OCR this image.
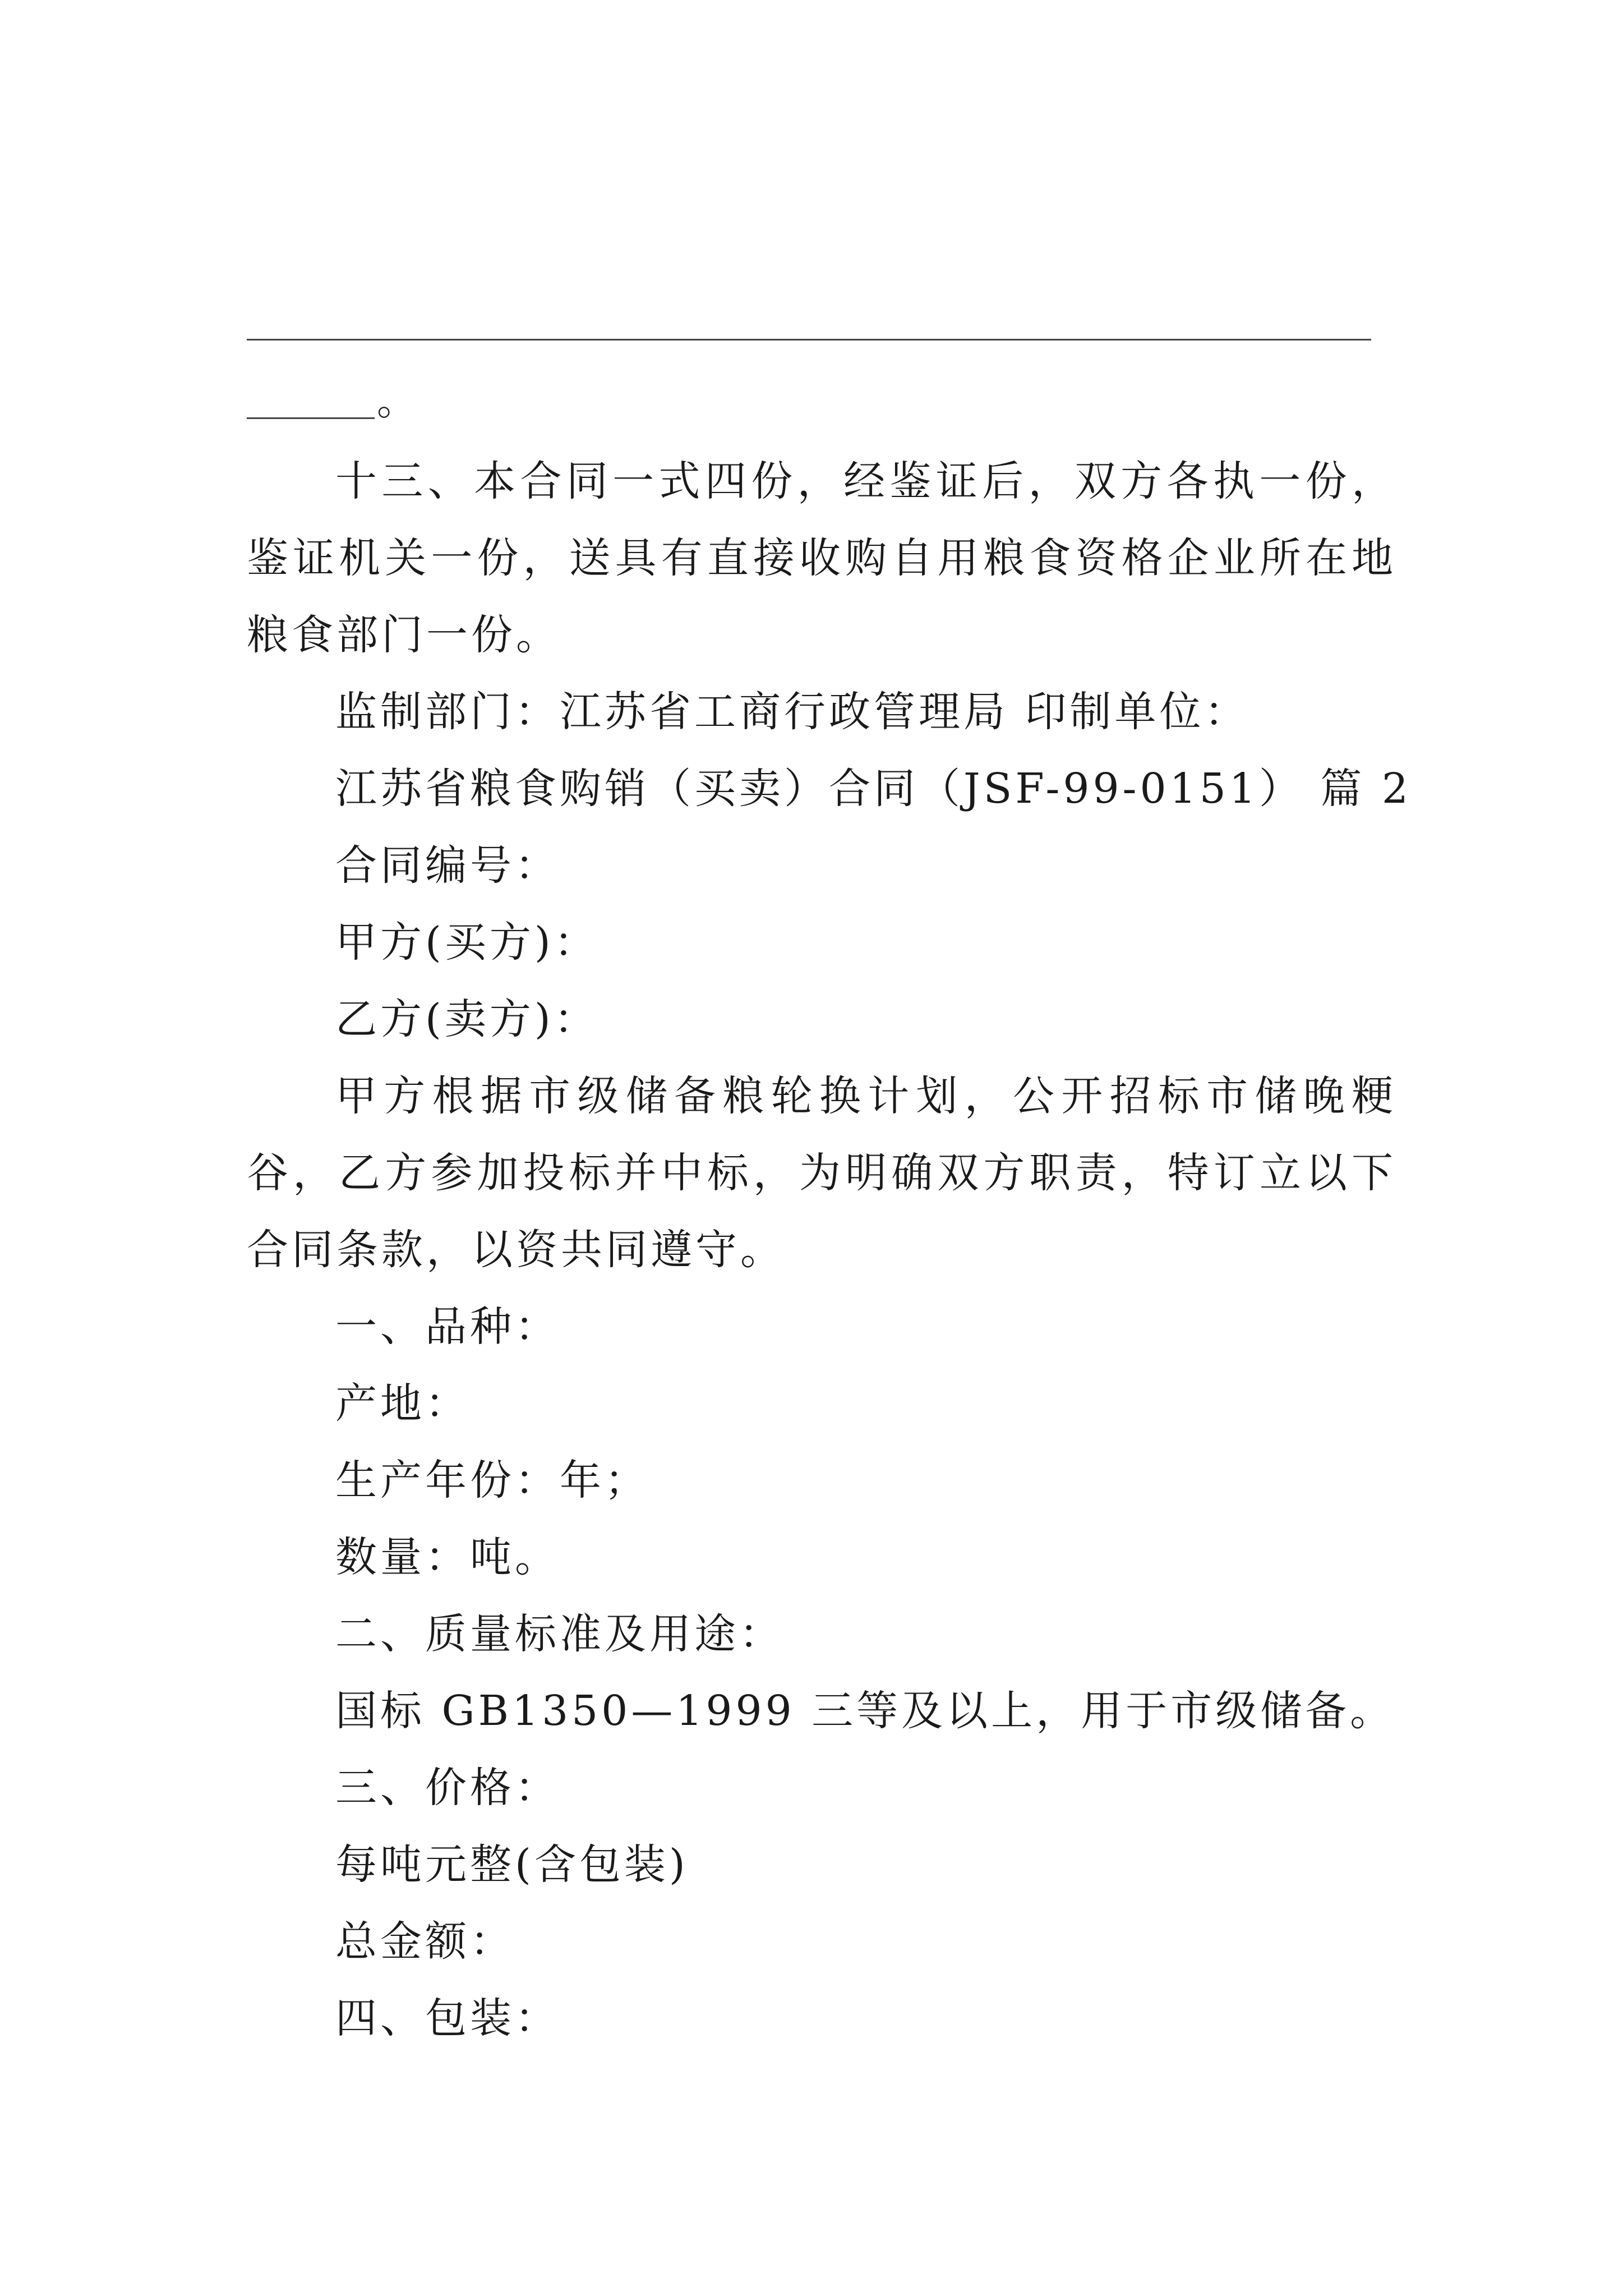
。

十三、本合同一式四份，经鉴证后，双方各执一份，鉴证机关一份，送具有直接收购自用粮食资格企业所在地粮食部门一份。

监制部门：江苏省工商行政管理局 印制单位：

江苏省粮食购销（买卖）合同（JSF-99-0151） 篇 2

合同编号：

甲方(买方)：

乙方(卖方)：

甲方根据市级储备粮轮换计划，公开招标市储晚粳谷，乙方参加投标并中标，为明确双方职责，特订立以下合同条款，以资共同遵守。

一、品种：

产地：

生产年份：年；

数量：吨。

二、质量标准及用途：

国标 GB1350—1999 三等及以上，用于市级储备。

三、价格：

每吨元整(含包装)

总金额：

四、包装：
